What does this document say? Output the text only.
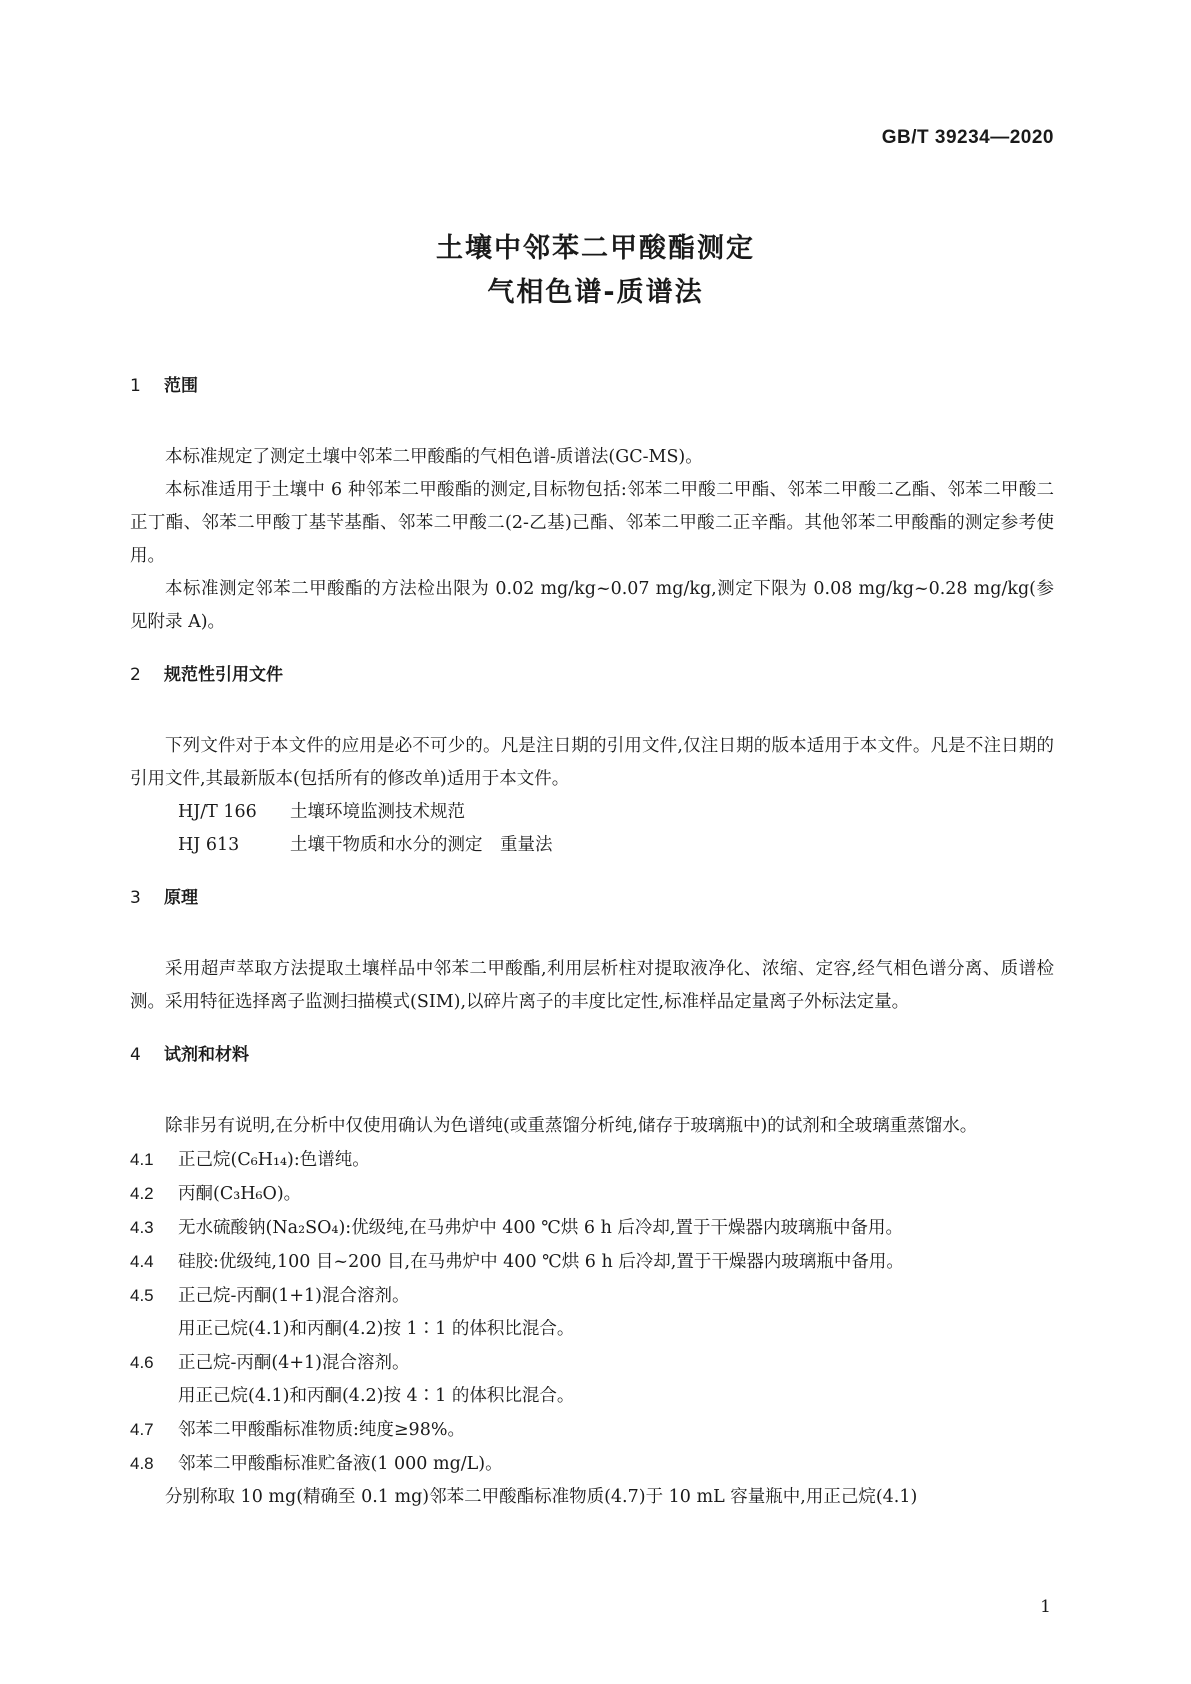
GB/T 39234—2020
土壤中邻苯二甲酸酯测定
气相色谱-质谱法
1 范围

本标准规定了测定土壤中邻苯二甲酸酯的气相色谱-质谱法(GC-MS)。

本标准适用于土壤中 6 种邻苯二甲酸酯的测定,目标物包括:邻苯二甲酸二甲酯、邻苯二甲酸二乙酯、邻苯二甲酸二正丁酯、邻苯二甲酸丁基苄基酯、邻苯二甲酸二(2-乙基)己酯、邻苯二甲酸二正辛酯。其他邻苯二甲酸酯的测定参考使用。

本标准测定邻苯二甲酸酯的方法检出限为 0.02 mg/kg~0.07 mg/kg,测定下限为 0.08 mg/kg~0.28 mg/kg(参见附录 A)。

2 规范性引用文件

下列文件对于本文件的应用是必不可少的。凡是注日期的引用文件,仅注日期的版本适用于本文件。凡是不注日期的引用文件,其最新版本(包括所有的修改单)适用于本文件。

HJ/T 166 土壤环境监测技术规范

HJ 613	土壤干物质和水分的测定　重量法

3 原理

采用超声萃取方法提取土壤样品中邻苯二甲酸酯,利用层析柱对提取液净化、浓缩、定容,经气相色谱分离、质谱检测。采用特征选择离子监测扫描模式(SIM),以碎片离子的丰度比定性,标准样品定量离子外标法定量。

4 试剂和材料

除非另有说明,在分析中仅使用确认为色谱纯(或重蒸馏分析纯,储存于玻璃瓶中)的试剂和全玻璃重蒸馏水。

4.1 正己烷(C₆H₁₄):色谱纯。

4.2 丙酮(C₃H₆O)。

4.3 无水硫酸钠(Na₂SO₄):优级纯,在马弗炉中 400 ℃烘 6 h 后冷却,置于干燥器内玻璃瓶中备用。

4.4 硅胶:优级纯,100 目~200 目,在马弗炉中 400 ℃烘 6 h 后冷却,置于干燥器内玻璃瓶中备用。

4.5 正己烷-丙酮(1+1)混合溶剂。

用正己烷(4.1)和丙酮(4.2)按 1∶1 的体积比混合。

4.6 正己烷-丙酮(4+1)混合溶剂。

用正己烷(4.1)和丙酮(4.2)按 4∶1 的体积比混合。

4.7 邻苯二甲酸酯标准物质:纯度≥98%。

4.8 邻苯二甲酸酯标准贮备液(1 000 mg/L)。

分别称取 10 mg(精确至 0.1 mg)邻苯二甲酸酯标准物质(4.7)于 10 mL 容量瓶中,用正己烷(4.1)

1
